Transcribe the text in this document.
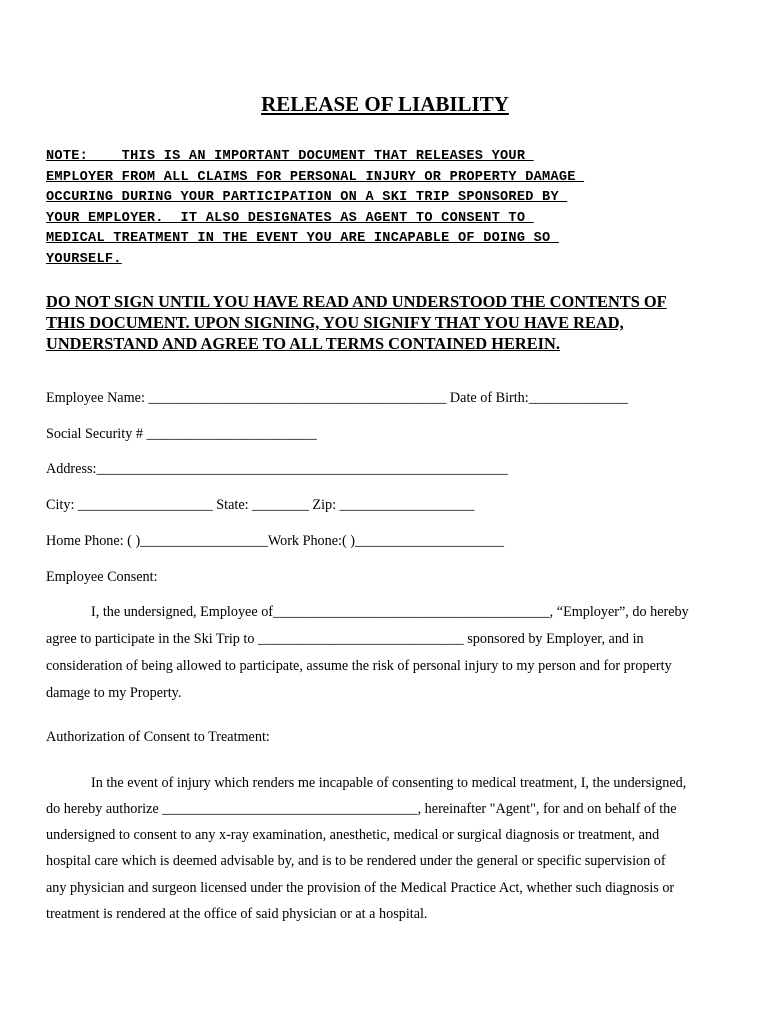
RELEASE OF LIABILITY
NOTE:    THIS IS AN IMPORTANT DOCUMENT THAT RELEASES YOUR
EMPLOYER FROM ALL CLAIMS FOR PERSONAL INJURY OR PROPERTY DAMAGE
OCCURING DURING YOUR PARTICIPATION ON A SKI TRIP SPONSORED BY
YOUR EMPLOYER.  IT ALSO DESIGNATES AS AGENT TO CONSENT TO
MEDICAL TREATMENT IN THE EVENT YOU ARE INCAPABLE OF DOING SO
YOURSELF.
DO NOT SIGN UNTIL YOU HAVE READ AND UNDERSTOOD THE CONTENTS OF
THIS DOCUMENT. UPON SIGNING, YOU SIGNIFY THAT YOU HAVE READ,
UNDERSTAND AND AGREE TO ALL TERMS CONTAINED HEREIN.
Employee Name: __________________________________________ Date of Birth:______________
Social Security # ________________________
Address:__________________________________________________________
City: ___________________ State: ________ Zip: ___________________
Home Phone: ( )__________________Work Phone:( )_____________________
Employee Consent:
I, the undersigned, Employee of_______________________________________, “Employer”, do hereby
agree to participate in the Ski Trip to _____________________________ sponsored by Employer, and in
consideration of being allowed to participate, assume the risk of personal injury to my person and for property
damage to my Property.
Authorization of Consent to Treatment:
In the event of injury which renders me incapable of consenting to medical treatment, I, the undersigned,
do hereby authorize ____________________________________, hereinafter "Agent", for and on behalf of the
undersigned to consent to any x-ray examination, anesthetic, medical or surgical diagnosis or treatment, and
hospital care which is deemed advisable by, and is to be rendered under the general or specific supervision of
any physician and surgeon licensed under the provision of the Medical Practice Act, whether such diagnosis or
treatment is rendered at the office of said physician or at a hospital.
